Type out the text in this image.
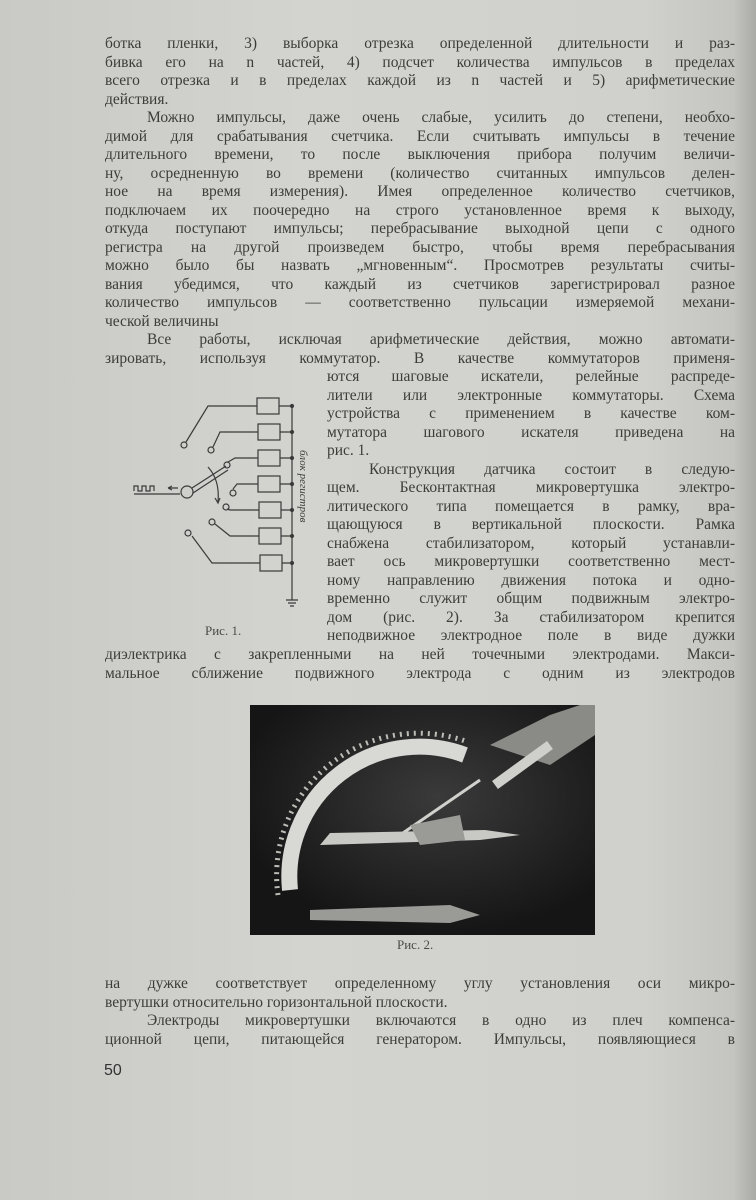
ботка пленки, 3) выборка отрезка определенной длительности и раз-
бивка его на n частей, 4) подсчет количества импульсов в пределах
всего отрезка и в пределах каждой из n частей и 5) арифметические
действия.
Можно импульсы, даже очень слабые, усилить до степени, необхо-
димой для срабатывания счетчика. Если считывать импульсы в течение
длительного времени, то после выключения прибора получим величи-
ну, осредненную во времени (количество считанных импульсов делен-
ное на время измерения). Имея определенное количество счетчиков,
подключаем их поочередно на строго установленное время к выходу,
откуда поступают импульсы; перебрасывание выходной цепи с одного
регистра на другой произведем быстро, чтобы время перебрасывания
можно было бы назвать „мгновенным“. Просмотрев результаты считы-
вания убедимся, что каждый из счетчиков зарегистрировал разное
количество импульсов — соответственно пульсации измеряемой механи-
ческой величины
Все работы, исключая арифметические действия, можно автомати-
зировать, используя коммутатор. В качестве коммутаторов применя-
ются шаговые искатели, релейные распреде-
лители или электронные коммутаторы. Схема
устройства с применением в качестве ком-
мутатора шагового искателя приведена на
рис. 1.
Конструкция датчика состоит в следую-
щем. Бесконтактная микровертушка электро-
литического типа помещается в рамку, вра-
щающуюся в вертикальной плоскости. Рамка
снабжена стабилизатором, который устанавли-
вает ось микровертушки соответственно мест-
ному направлению движения потока и одно-
временно служит общим подвижным электро-
дом (рис. 2). За стабилизатором крепится
неподвижное электродное поле в виде дужки
диэлектрика с закрепленными на ней точечными электродами. Макси-
мальное сближение подвижного электрода с одним из электродов
на дужке соответствует определенному углу установления оси микро-
вертушки относительно горизонтальной плоскости.
Электроды микровертушки включаются в одно из плеч компенса-
ционной цепи, питающейся генератором. Импульсы, появляющиеся в
блок регистров
Рис. 1.
Рис. 2.
50
